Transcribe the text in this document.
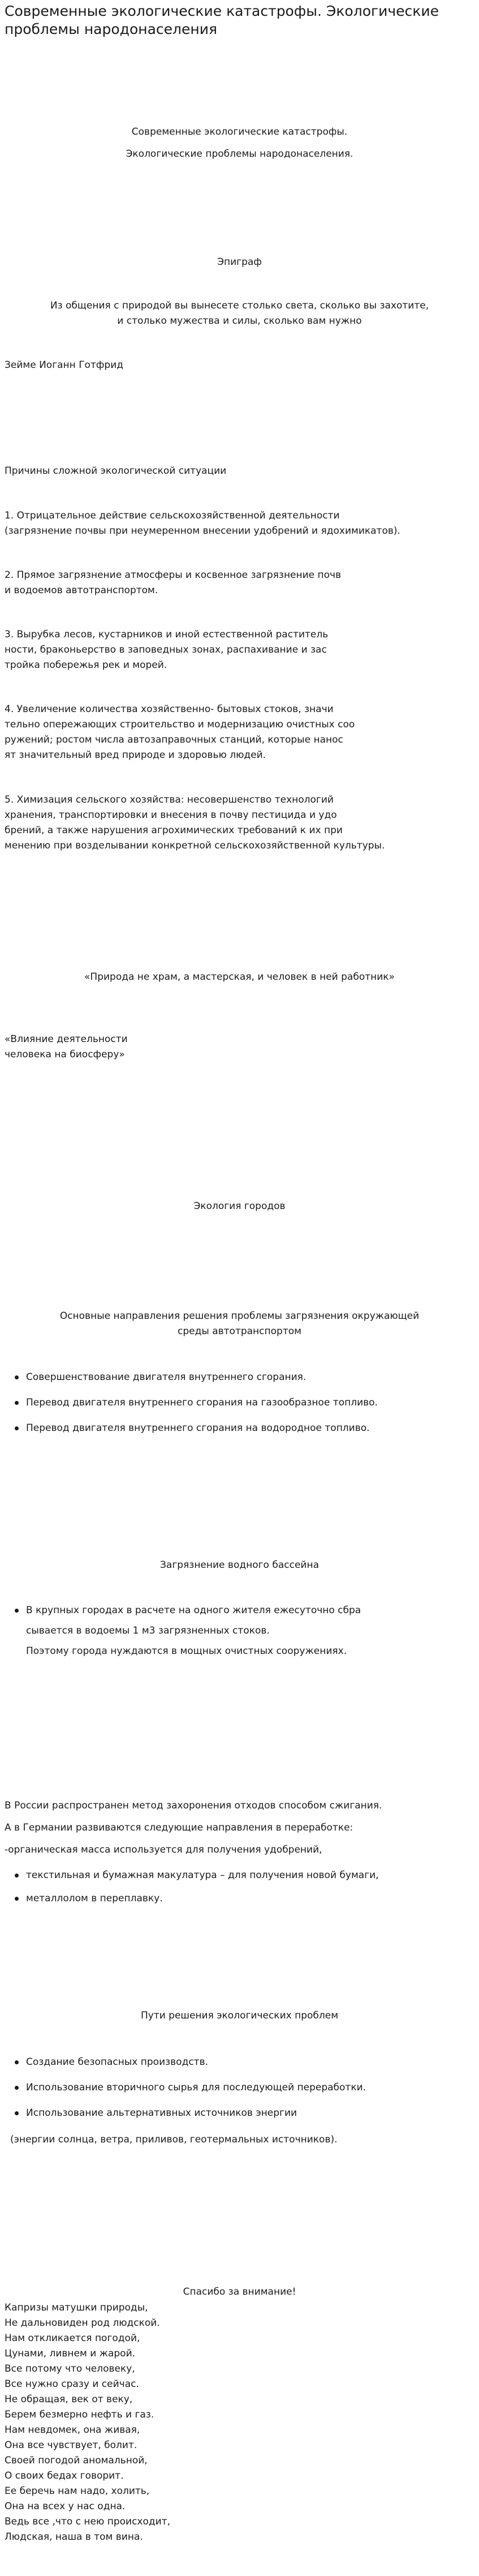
Современные экологические катастрофы. Экологические проблемы народонаселения

Современные экологические катастрофы.

Экологические проблемы народонаселения.

Эпиграф

Из общения с природой вы вынесете столько света, сколько вы захотите,

и столько мужества и силы, сколько вам нужно

Зейме Иоганн Готфрид
Причины сложной экологической ситуации

1. Отрицательное действие сельскохозяйственной деятельности

(загрязнение почвы при неумеренном внесении удобрений и ядохимикатов).

2. Прямое загрязнение атмосферы и косвенное загрязнение почв

и водоемов автотранспортом.

3. Вырубка лесов, кустарников и иной естественной раститель

ности, браконьерство в заповедных зонах, распахивание и зас

тройка побережья рек и морей.

4. Увеличение количества хозяйственно- бытовых стоков, значи

тельно опережающих строительство и модернизацию очистных соо

ружений; ростом числа автозаправочных станций, которые нанос

ят значительный вред природе и здоровью людей.

5. Химизация сельского хозяйства: несовершенство технологий

хранения, транспортировки и внесения в почву пестицида и удо

брений, а также нарушения агрохимических требований к их при

менению при возделывании конкретной сельскохозяйственной культуры.

«Природа не храм, а мастерская, и человек в ней работник»

«Влияние деятельности

человека на биосферу»

Экология городов

Основные направления решения проблемы загрязнения окружающей

среды автотранспортом

Совершенствование двигателя внутреннего сгорания.
Перевод двигателя внутреннего сгорания на газообразное топливо.
Перевод двигателя внутреннего сгорания на водородное топливо.
Загрязнение водного бассейна

В крупных городах в расчете на одного жителя ежесуточно сбра

сывается в водоемы 1 м3 загрязненных стоков.

Поэтому города нуждаются в мощных очистных сооружениях.

В России распространен метод захоронения отходов способом сжигания.

А в Германии развиваются следующие направления в переработке:

-органическая масса используется для получения удобрений,

текстильная и бумажная макулатура – для получения новой бумаги,
металлолом в переплавку.
Пути решения экологических проблем
Создание безопасных производств.
Использование вторичного сырья для последующей переработки.
Использование альтернативных источников энергии
(энергии солнца, ветра, приливов, геотермальных источников).
Спасибо за внимание!

Капризы матушки природы,

Не дальновиден род людской.

Нам откликается погодой,

Цунами, ливнем и жарой.

Все потому что человеку,

Все нужно сразу и сейчас.

Не обращая, век от веку,

Берем безмерно нефть и газ.

Нам невдомек, она живая,

Она все чувствует, болит.

Своей погодой аномальной,

О своих бедах говорит.

Ее беречь нам надо, холить,

Она на всех у нас одна.

Ведь все ,что с нею происходит,

Людская, наша в том вина.
